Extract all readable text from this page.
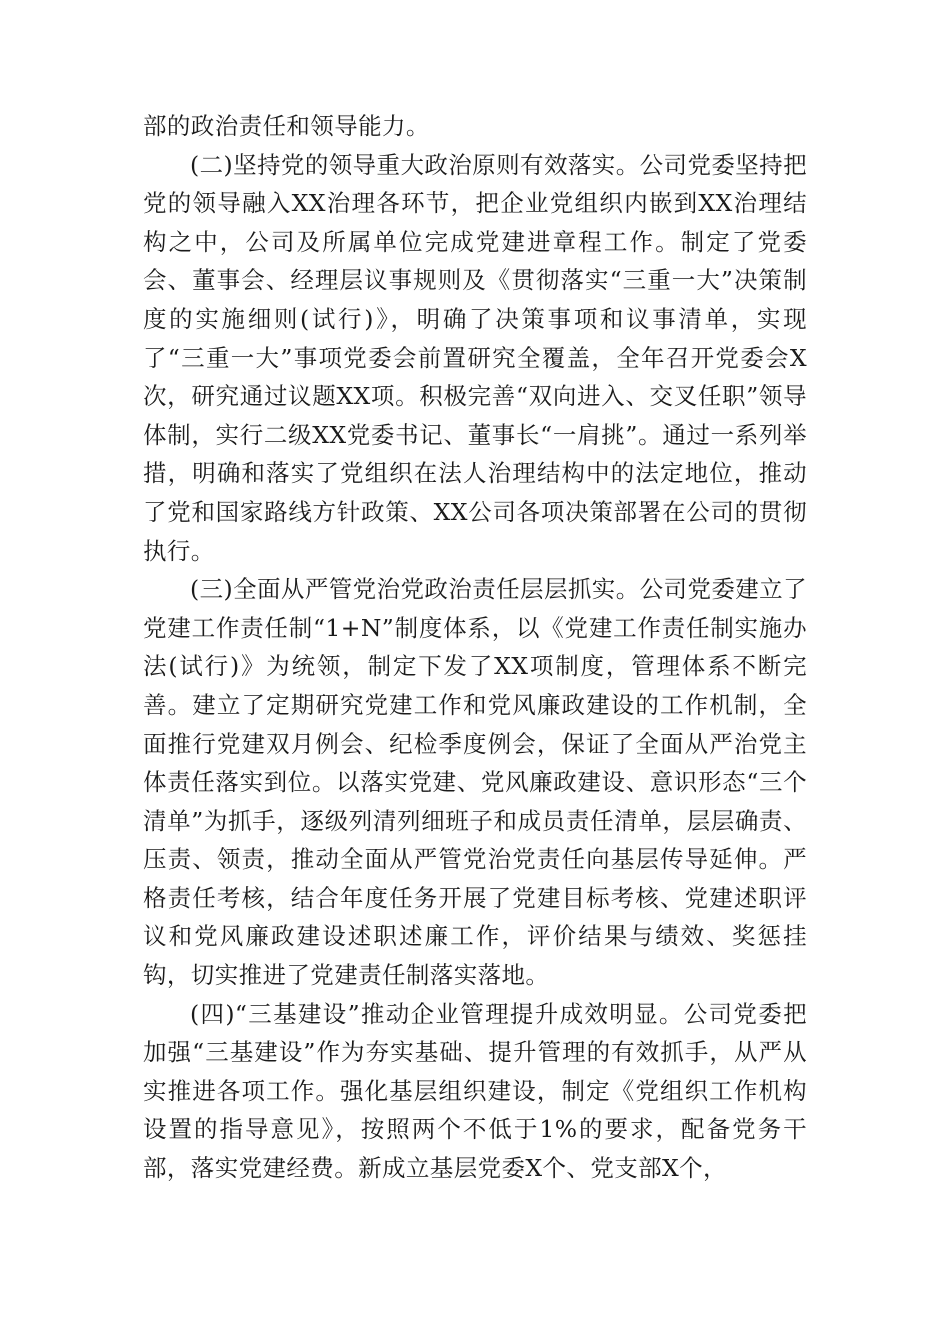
部的政治责任和领导能力。

(二)坚持党的领导重大政治原则有效落实。公司党委坚持把党的领导融入XX治理各环节，把企业党组织内嵌到XX治理结构之中，公司及所属单位完成党建进章程工作。制定了党委会、董事会、经理层议事规则及《贯彻落实“三重一大”决策制度的实施细则(试行)》，明确了决策事项和议事清单，实现了“三重一大”事项党委会前置研究全覆盖，全年召开党委会X次，研究通过议题XX项。积极完善“双向进入、交叉任职”领导体制，实行二级XX党委书记、董事长“一肩挑”。通过一系列举措，明确和落实了党组织在法人治理结构中的法定地位，推动了党和国家路线方针政策、XX公司各项决策部署在公司的贯彻执行。

(三)全面从严管党治党政治责任层层抓实。公司党委建立了党建工作责任制“1+N”制度体系，以《党建工作责任制实施办法(试行)》为统领，制定下发了XX项制度，管理体系不断完善。建立了定期研究党建工作和党风廉政建设的工作机制，全面推行党建双月例会、纪检季度例会，保证了全面从严治党主体责任落实到位。以落实党建、党风廉政建设、意识形态“三个清单”为抓手，逐级列清列细班子和成员责任清单，层层确责、压责、领责，推动全面从严管党治党责任向基层传导延伸。严格责任考核，结合年度任务开展了党建目标考核、党建述职评议和党风廉政建设述职述廉工作，评价结果与绩效、奖惩挂钩，切实推进了党建责任制落实落地。

(四)“三基建设”推动企业管理提升成效明显。公司党委把加强“三基建设”作为夯实基础、提升管理的有效抓手，从严从实推进各项工作。强化基层组织建设，制定《党组织工作机构设置的指导意见》，按照两个不低于1%的要求，配备党务干部，落实党建经费。新成立基层党委X个、党支部X个，
